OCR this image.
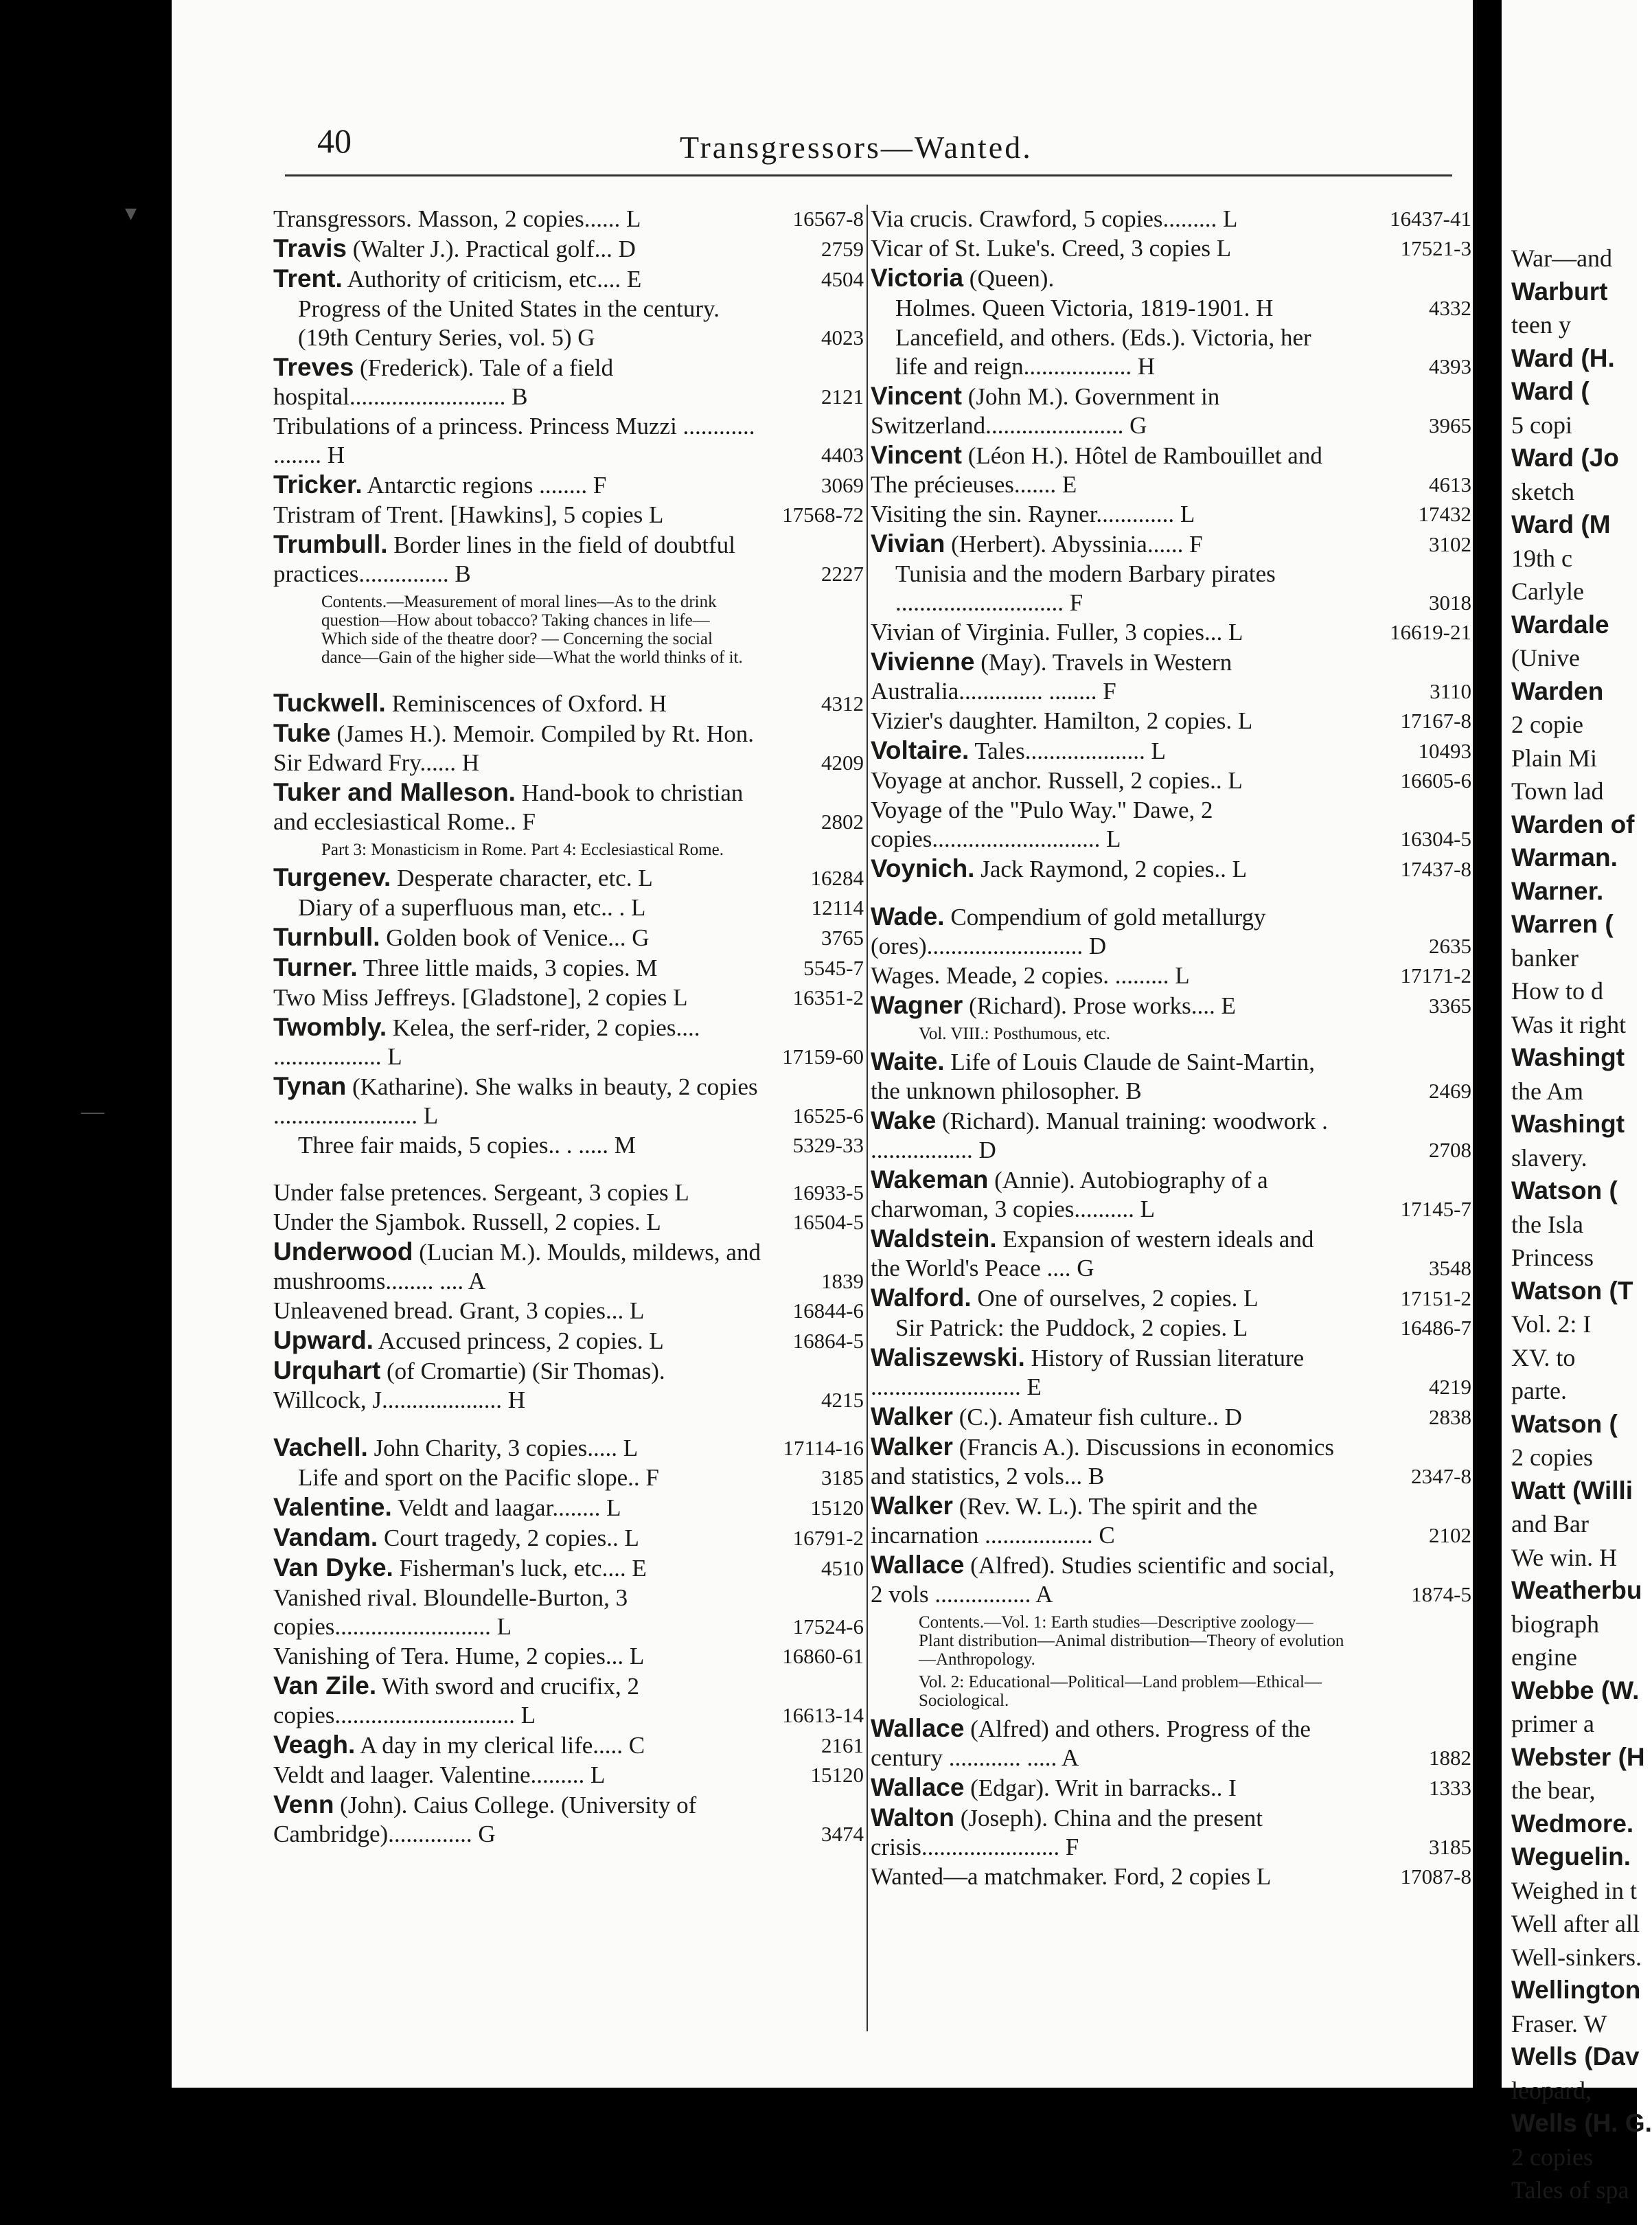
War—and
Warburt
teen y
Ward (H.
Ward (
5 copi
Ward (Jo
sketch
Ward (M
19th c
Carlyle
Wardale
(Unive
Warden
2 copie
Plain Mi
Town lad
Warden of
Warman.
Warner.
Warren (
banker
How to d
Was it right
Washingt
the Am
Washingt
slavery.
Watson (
the Isla
Princess
Watson (T
Vol. 2: I
XV. to
parte.
Watson (
2 copies
Watt (Willi
and Bar
We win. H
Weatherbu
biograph
engine
Webbe (W.
primer a
Webster (H
the bear,
Wedmore.
Weguelin.
Weighed in t
Well after all
Well-sinkers.
Wellington
Fraser. W
Wells (Dav
leopard,
Wells (H. G.
2 copies
Tales of spa
40	Transgressors—Wanted.
▾
—
Transgressors. Masson, 2 copies...... L	16567-8
Travis (Walter J.). Practical golf... D	2759
Trent. Authority of criticism, etc.... E	4504
Progress of the United States in the century. (19th Century Series, vol. 5) G	4023
Treves (Frederick). Tale of a field hospital.......................... B	2121
Tribulations of a princess. Princess Muzzi ............ ........ H	4403
Tricker. Antarctic regions ........ F	3069
Tristram of Trent. [Hawkins], 5 copies L	17568-72
Trumbull. Border lines in the field of doubtful practices............... B	2227
Contents.—Measurement of moral lines—As to the drink question—How about tobacco? Taking chances in life—Which side of the theatre door? — Concerning the social dance—Gain of the higher side—What the world thinks of it.
Tuckwell. Reminiscences of Oxford. H	4312
Tuke (James H.). Memoir. Compiled by Rt. Hon. Sir Edward Fry...... H	4209
Tuker and Malleson. Hand-book to christian and ecclesiastical Rome.. F	2802
Part 3: Monasticism in Rome. Part 4: Ecclesiastical Rome.
Turgenev. Desperate character, etc. L	16284
Diary of a superfluous man, etc.. . L	12114
Turnbull. Golden book of Venice... G	3765
Turner. Three little maids, 3 copies. M	5545-7
Two Miss Jeffreys. [Gladstone], 2 copies L	16351-2
Twombly. Kelea, the serf-rider, 2 copies.... .................. L	17159-60
Tynan (Katharine). She walks in beauty, 2 copies ........................ L	16525-6
Three fair maids, 5 copies.. . ..... M	5329-33
Under false pretences. Sergeant, 3 copies L	16933-5
Under the Sjambok. Russell, 2 copies. L	16504-5
Underwood (Lucian M.). Moulds, mildews, and mushrooms........ .... A	1839
Unleavened bread. Grant, 3 copies... L	16844-6
Upward. Accused princess, 2 copies. L	16864-5
Urquhart (of Cromartie) (Sir Thomas). Willcock, J.................... H	4215
Vachell. John Charity, 3 copies..... L	17114-16
Life and sport on the Pacific slope.. F	3185
Valentine. Veldt and laagar........ L	15120
Vandam. Court tragedy, 2 copies.. L	16791-2
Van Dyke. Fisherman's luck, etc.... E	4510
Vanished rival. Bloundelle-Burton, 3 copies.......................... L	17524-6
Vanishing of Tera. Hume, 2 copies... L	16860-61
Van Zile. With sword and crucifix, 2 copies.............................. L	16613-14
Veagh. A day in my clerical life..... C	2161
Veldt and laager. Valentine......... L	15120
Venn (John). Caius College. (University of Cambridge).............. G	3474
Via crucis. Crawford, 5 copies......... L	16437-41
Vicar of St. Luke's. Creed, 3 copies L	17521-3
Victoria (Queen).
Holmes. Queen Victoria, 1819-1901. H	4332
Lancefield, and others. (Eds.). Victoria, her life and reign.................. H	4393
Vincent (John M.). Government in Switzerland....................... G	3965
Vincent (Léon H.). Hôtel de Rambouillet and The précieuses....... E	4613
Visiting the sin. Rayner............. L	17432
Vivian (Herbert). Abyssinia...... F	3102
Tunisia and the modern Barbary pirates ............................ F	3018
Vivian of Virginia. Fuller, 3 copies... L	16619-21
Vivienne (May). Travels in Western Australia.............. ........ F	3110
Vizier's daughter. Hamilton, 2 copies. L	17167-8
Voltaire. Tales.................... L	10493
Voyage at anchor. Russell, 2 copies.. L	16605-6
Voyage of the "Pulo Way." Dawe, 2 copies............................ L	16304-5
Voynich. Jack Raymond, 2 copies.. L	17437-8
Wade. Compendium of gold metallurgy (ores).......................... D	2635
Wages. Meade, 2 copies. ......... L	17171-2
Wagner (Richard). Prose works.... E	3365
Vol. VIII.: Posthumous, etc.
Waite. Life of Louis Claude de Saint-Martin, the unknown philosopher. B	2469
Wake (Richard). Manual training: woodwork . ................. D	2708
Wakeman (Annie). Autobiography of a charwoman, 3 copies.......... L	17145-7
Waldstein. Expansion of western ideals and the World's Peace .... G	3548
Walford. One of ourselves, 2 copies. L	17151-2
Sir Patrick: the Puddock, 2 copies. L	16486-7
Waliszewski. History of Russian literature ......................... E	4219
Walker (C.). Amateur fish culture.. D	2838
Walker (Francis A.). Discussions in economics and statistics, 2 vols... B	2347-8
Walker (Rev. W. L.). The spirit and the incarnation .................. C	2102
Wallace (Alfred). Studies scientific and social, 2 vols ................ A	1874-5
Contents.—Vol. 1: Earth studies—Descriptive zoology—Plant distribution—Animal distribution—Theory of evolution—Anthropology.
Vol. 2: Educational—Political—Land problem—Ethical—Sociological.
Wallace (Alfred) and others. Progress of the century ............ ..... A	1882
Wallace (Edgar). Writ in barracks.. I	1333
Walton (Joseph). China and the present crisis....................... F	3185
Wanted—a matchmaker. Ford, 2 copies L	17087-8
